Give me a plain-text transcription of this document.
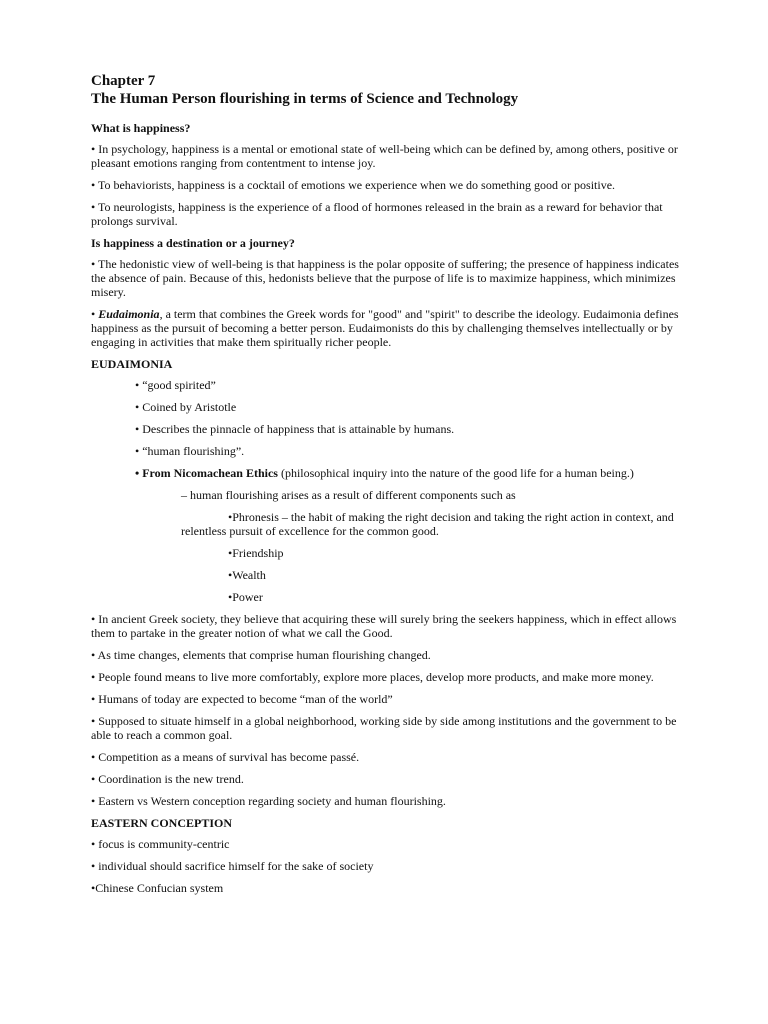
Chapter 7
The Human Person flourishing in terms of Science and Technology
What is happiness?

• In psychology, happiness is a mental or emotional state of well-being which can be defined by, among others, positive or pleasant emotions ranging from contentment to intense joy.

• To behaviorists, happiness is a cocktail of emotions we experience when we do something good or positive.

• To neurologists, happiness is the experience of a flood of hormones released in the brain as a reward for behavior that prolongs survival.

Is happiness a destination or a journey?

• The hedonistic view of well-being is that happiness is the polar opposite of suffering; the presence of happiness indicates the absence of pain. Because of this, hedonists believe that the purpose of life is to maximize happiness, which minimizes misery.

• Eudaimonia, a term that combines the Greek words for "good" and "spirit" to describe the ideology. Eudaimonia defines happiness as the pursuit of becoming a better person. Eudaimonists do this by challenging themselves intellectually or by engaging in activities that make them spiritually richer people.

EUDAIMONIA

• “good spirited”

• Coined by Aristotle

• Describes the pinnacle of happiness that is attainable by humans.

• “human flourishing”.

• From Nicomachean Ethics (philosophical inquiry into the nature of the good life for a human being.)

– human flourishing arises as a result of different components such as

•Phronesis – the habit of making the right decision and taking the right action in context, and relentless pursuit of excellence for the common good.

•Friendship

•Wealth

•Power

• In ancient Greek society, they believe that acquiring these will surely bring the seekers happiness, which in effect allows them to partake in the greater notion of what we call the Good.

• As time changes, elements that comprise human flourishing changed.

• People found means to live more comfortably, explore more places, develop more products, and make more money.

• Humans of today are expected to become “man of the world”

• Supposed to situate himself in a global neighborhood, working side by side among institutions and the government to be able to reach a common goal.

• Competition as a means of survival has become passé.

• Coordination is the new trend.

• Eastern vs Western conception regarding society and human flourishing.

EASTERN CONCEPTION

• focus is community-centric

• individual should sacrifice himself for the sake of society

•Chinese Confucian system
